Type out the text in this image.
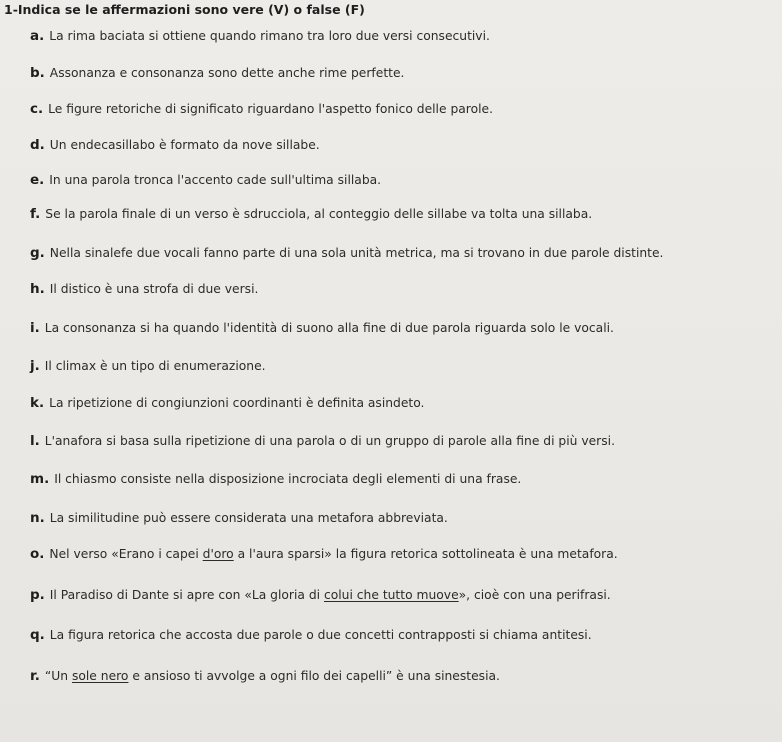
1-Indica se le affermazioni sono vere (V) o false (F)
a. La rima baciata si ottiene quando rimano tra loro due versi consecutivi.
b. Assonanza e consonanza sono dette anche rime perfette.
c. Le figure retoriche di significato riguardano l'aspetto fonico delle parole.
d. Un endecasillabo è formato da nove sillabe.
e. In una parola tronca l'accento cade sull'ultima sillaba.
f. Se la parola finale di un verso è sdrucciola, al conteggio delle sillabe va tolta una sillaba.
g. Nella sinalefe due vocali fanno parte di una sola unità metrica, ma si trovano in due parole distinte.
h. Il distico è una strofa di due versi.
i. La consonanza si ha quando l'identità di suono alla fine di due parola riguarda solo le vocali.
j. Il climax è un tipo di enumerazione.
k. La ripetizione di congiunzioni coordinanti è definita asindeto.
l. L'anafora si basa sulla ripetizione di una parola o di un gruppo di parole alla fine di più versi.
m. Il chiasmo consiste nella disposizione incrociata degli elementi di una frase.
n. La similitudine può essere considerata una metafora abbreviata.
o. Nel verso «Erano i capei d'oro a l'aura sparsi» la figura retorica sottolineata è una metafora.
p. Il Paradiso di Dante si apre con «La gloria di colui che tutto muove», cioè con una perifrasi.
q. La figura retorica che accosta due parole o due concetti contrapposti si chiama antitesi.
r. “Un sole nero e ansioso ti avvolge a ogni filo dei capelli” è una sinestesia.
